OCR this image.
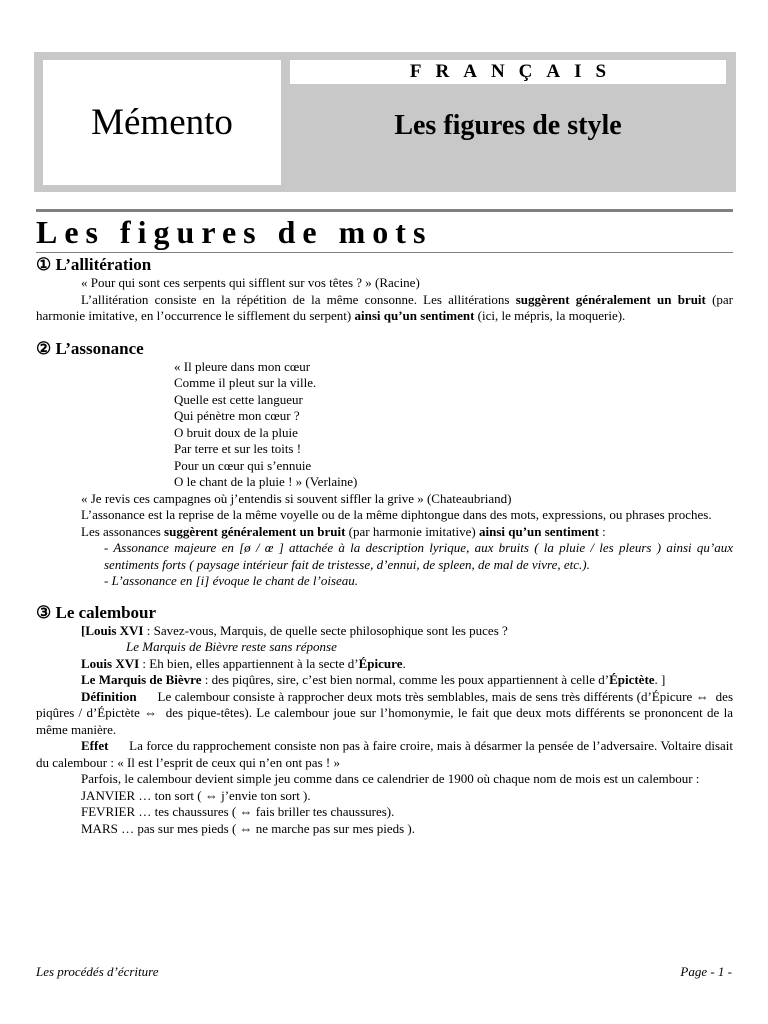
Mémento
FRANÇAIS
Les figures de style
Les figures de mots

① L’allitération

« Pour qui sont ces serpents qui sifflent sur vos têtes ? » (Racine)

L’allitération consiste en la répétition de la même consonne. Les allitérations suggèrent généralement un bruit (par harmonie imitative, en l’occurrence le sifflement du serpent) ainsi qu’un sentiment (ici, le mépris, la moquerie).

② L’assonance

« Il pleure dans mon cœur

Comme il pleut sur la ville.

Quelle est cette langueur

Qui pénètre mon cœur ?

O bruit doux de la pluie

Par terre et sur les toits !

Pour un cœur qui s’ennuie

O le chant de la pluie ! » (Verlaine)

« Je revis ces campagnes où j’entendis si souvent siffler la grive » (Chateaubriand)

L’assonance est la reprise de la même voyelle ou de la même diphtongue dans des mots, expressions, ou phrases proches.

Les assonances suggèrent généralement un bruit (par harmonie imitative) ainsi qu’un sentiment :

- Assonance majeure en [ø / œ ] attachée à la description lyrique, aux bruits ( la pluie / les pleurs ) ainsi qu’aux sentiments forts ( paysage intérieur fait de tristesse, d’ennui, de spleen, de mal de vivre, etc.).

- L’assonance en [i] évoque le chant de l’oiseau.

③ Le calembour

[Louis XVI : Savez-vous, Marquis, de quelle secte philosophique sont les puces ?

Le Marquis de Bièvre reste sans réponse

Louis XVI : Eh bien, elles appartiennent à la secte d’Épicure.

Le Marquis de Bièvre : des piqûres, sire, c’est bien normal, comme les poux appartiennent à celle d’Épictète. ]

Définition      Le calembour consiste à rapprocher deux mots très semblables, mais de sens très différents (d’Épicure ⇔  des piqûres / d’Épictète ⇔  des pique-têtes). Le calembour joue sur l’homonymie, le fait que deux mots différents se prononcent de la même manière.

Effet      La force du rapprochement consiste non pas à faire croire, mais à désarmer la pensée de l’adversaire. Voltaire disait du calembour : « Il est l’esprit de ceux qui n’en ont pas ! »

Parfois, le calembour devient simple jeu comme dans ce calendrier de 1900 où chaque nom de mois est un calembour :

JANVIER … ton sort ( ⇔ j’envie ton sort ).

FEVRIER … tes chaussures ( ⇔ fais briller tes chaussures).

MARS … pas sur mes pieds ( ⇔ ne marche pas sur mes pieds ).

Les procédés d’écriture	Page - 1 -
